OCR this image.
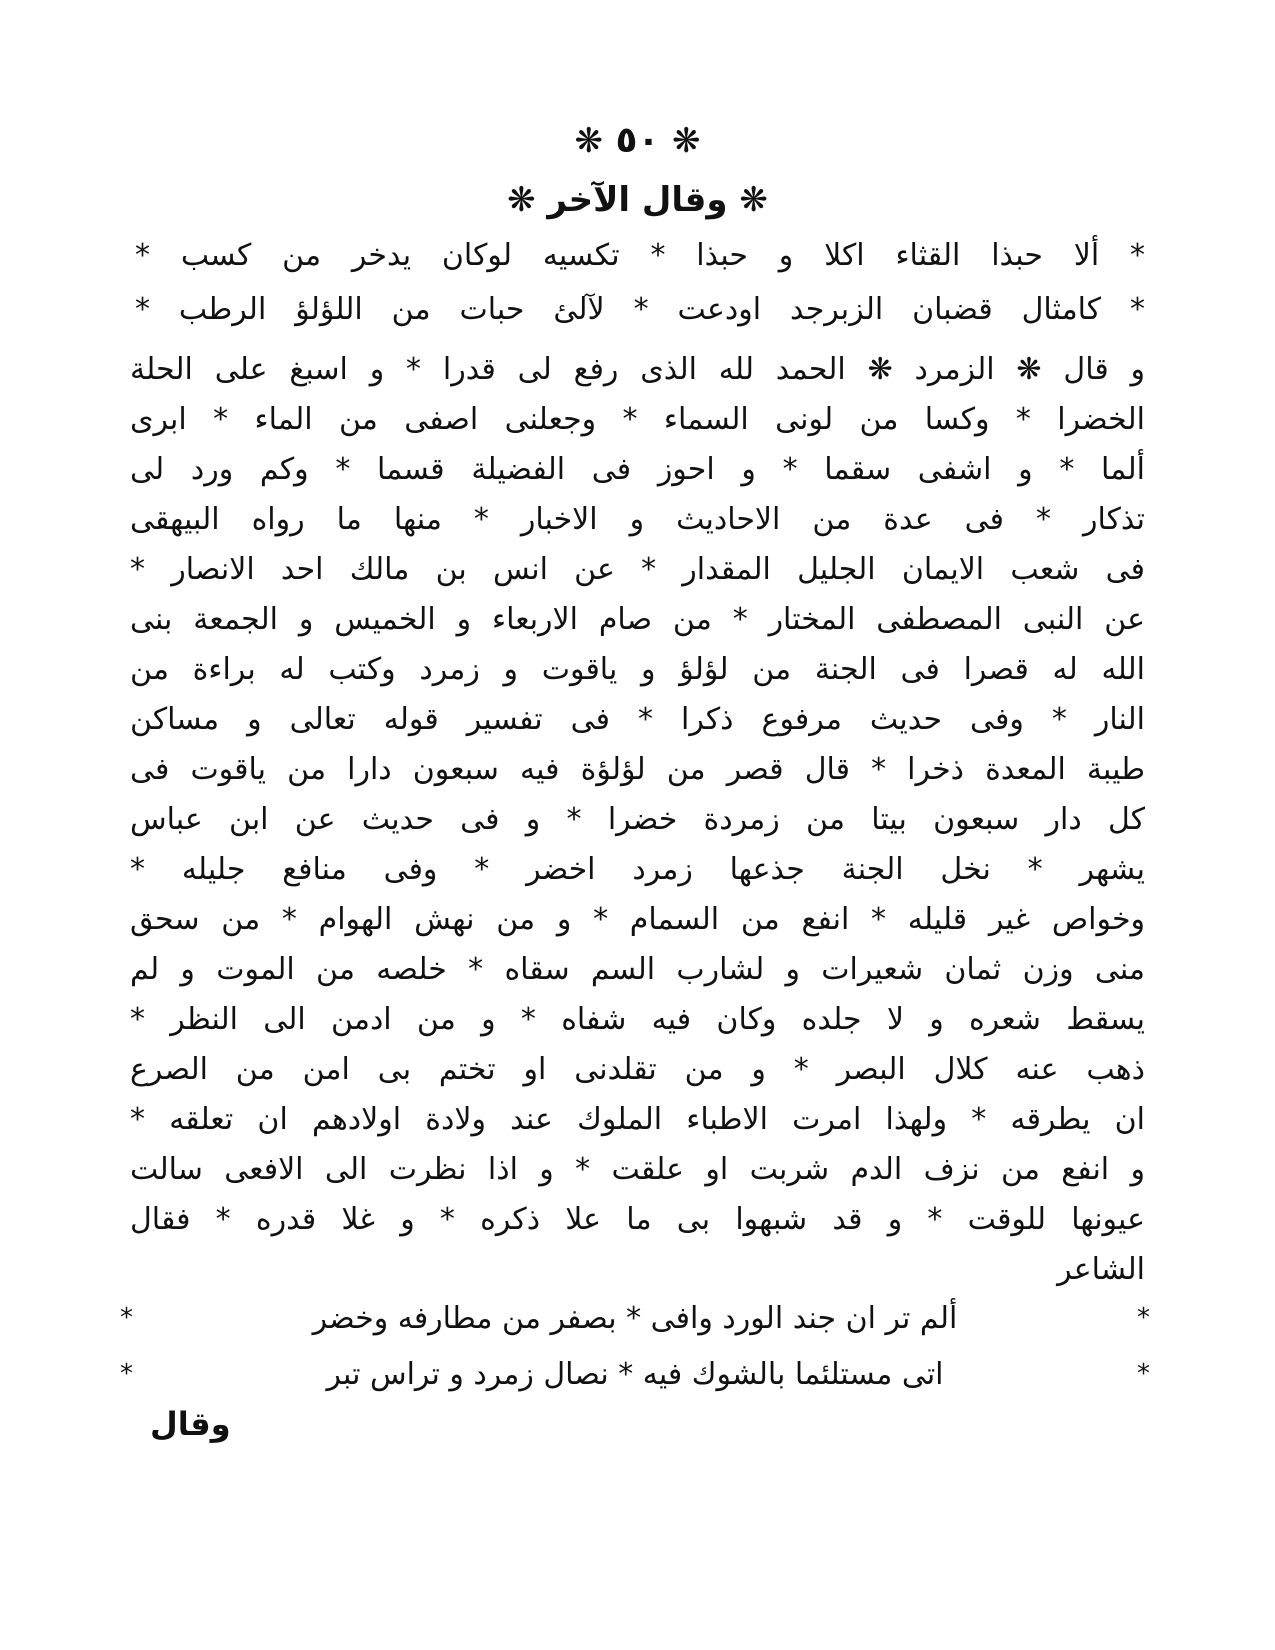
❋ ٥٠ ❋
❋ وقال الآخر ❋
* ألا حبذا القثاء اكلا و حبذا * تكسيه لوكان يدخر من كسب *
* كامثال قضبان الزبرجد اودعت * لآلئ حبات من اللؤلؤ الرطب *
و قال ❋ الزمرد ❋ الحمد لله الذى رفع لى قدرا * و اسبغ على الحلة
الخضرا * وكسا من لونى السماء * وجعلنى اصفى من الماء * ابرى
ألما * و اشفى سقما * و احوز فى الفضيلة قسما * وكم ورد لى
تذكار * فى عدة من الاحاديث و الاخبار * منها ما رواه البيهقى
فى شعب الايمان الجليل المقدار * عن انس بن مالك احد الانصار *
عن النبى المصطفى المختار * من صام الاربعاء و الخميس و الجمعة بنى
الله له قصرا فى الجنة من لؤلؤ و ياقوت و زمرد وكتب له براءة من
النار * وفى حديث مرفوع ذكرا * فى تفسير قوله تعالى و مساكن
طيبة المعدة ذخرا * قال قصر من لؤلؤة فيه سبعون دارا من ياقوت فى
كل دار سبعون بيتا من زمردة خضرا * و فى حديث عن ابن عباس
يشهر * نخل الجنة جذعها زمرد اخضر * وفى منافع جليله *
وخواص غير قليله * انفع من السمام * و من نهش الهوام * من سحق
منى وزن ثمان شعيرات و لشارب السم سقاه * خلصه من الموت و لم
يسقط شعره و لا جلده وكان فيه شفاه * و من ادمن الى النظر *
ذهب عنه كلال البصر * و من تقلدنى او تختم بى امن من الصرع
ان يطرقه * ولهذا امرت الاطباء الملوك عند ولادة اولادهم ان تعلقه *
و انفع من نزف الدم شربت او علقت * و اذا نظرت الى الافعى سالت
عيونها للوقت * و قد شبهوا بى ما علا ذكره * و غلا قدره * فقال
الشاعر
*
ألم تر ان جند الورد وافى * بصفر من مطارفه وخضر
*
*
اتى مستلئما بالشوك فيه * نصال زمرد و تراس تبر
*
وقال
